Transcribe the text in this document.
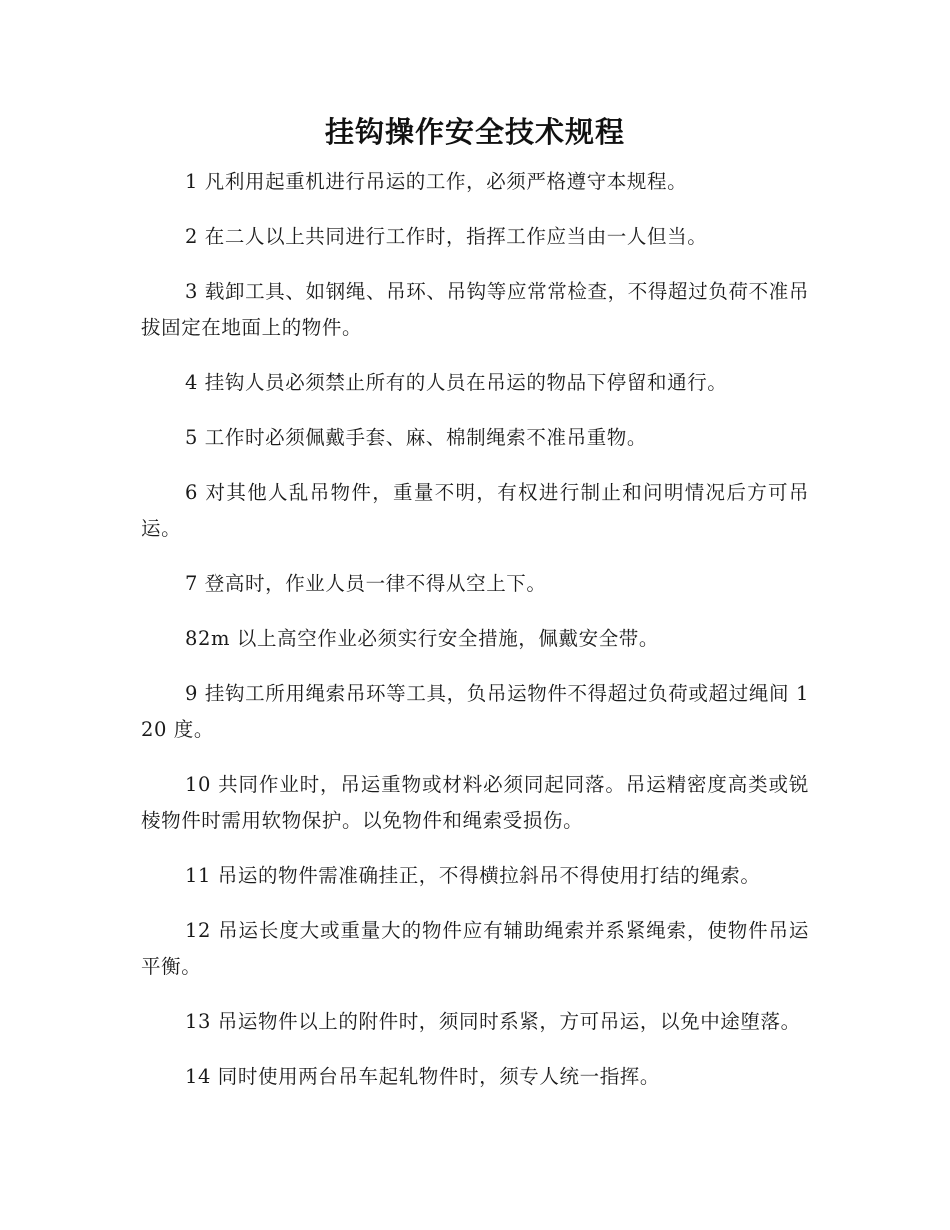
挂钩操作安全技术规程

1 凡利用起重机进行吊运的工作，必须严格遵守本规程。

2 在二人以上共同进行工作时，指挥工作应当由一人但当。

3 载卸工具、如钢绳、吊环、吊钩等应常常检查，不得超过负荷不准吊拔固定在地面上的物件。

4 挂钩人员必须禁止所有的人员在吊运的物品下停留和通行。

5 工作时必须佩戴手套、麻、棉制绳索不准吊重物。

6 对其他人乱吊物件，重量不明，有权进行制止和问明情况后方可吊运。

7 登高时，作业人员一律不得从空上下。

82m 以上高空作业必须实行安全措施，佩戴安全带。

9 挂钩工所用绳索吊环等工具，负吊运物件不得超过负荷或超过绳间 120 度。

10 共同作业时，吊运重物或材料必须同起同落。吊运精密度高类或锐棱物件时需用软物保护。以免物件和绳索受损伤。

11 吊运的物件需准确挂正，不得横拉斜吊不得使用打结的绳索。

12 吊运长度大或重量大的物件应有辅助绳索并系紧绳索，使物件吊运平衡。

13 吊运物件以上的附件时，须同时系紧，方可吊运，以免中途堕落。

14 同时使用两台吊车起轧物件时，须专人统一指挥。
